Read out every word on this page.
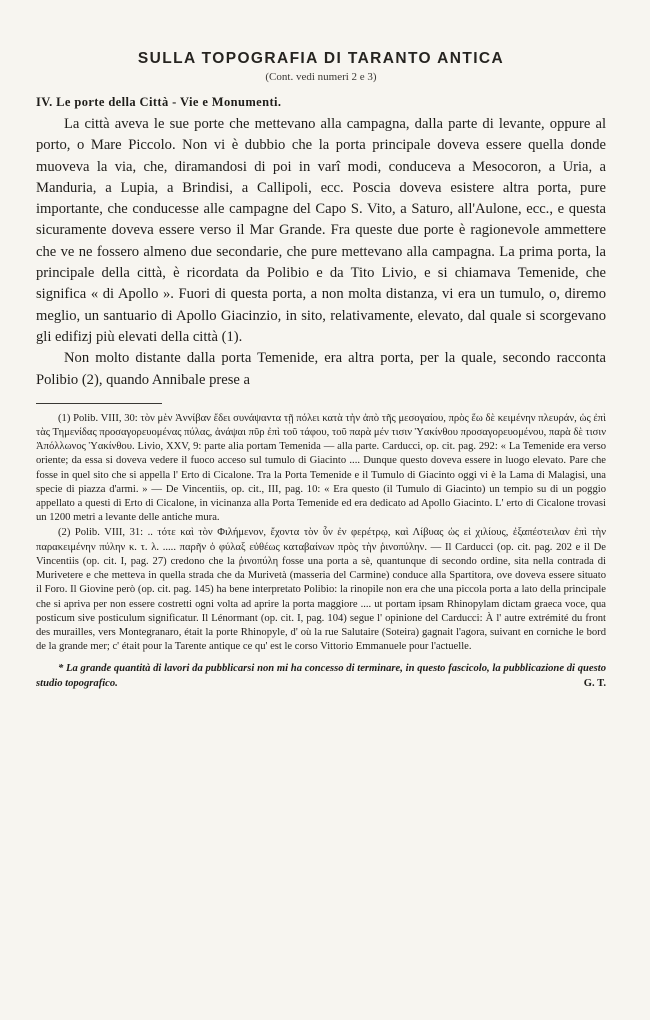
SULLA TOPOGRAFIA DI TARANTO ANTICA
(Cont. vedi numeri 2 e 3)
IV. Le porte della Città - Vie e Monumenti.

La città aveva le sue porte che mettevano alla campagna, dalla parte di levante, oppure al porto, o Mare Piccolo. Non vi è dubbio che la porta principale doveva essere quella donde muoveva la via, che, diramandosi di poi in varî modi, conduceva a Mesocoron, a Uria, a Manduria, a Lupia, a Brindisi, a Callipoli, ecc. Poscia doveva esistere altra porta, pure importante, che conducesse alle campagne del Capo S. Vito, a Saturo, all'Aulone, ecc., e questa sicuramente doveva essere verso il Mar Grande. Fra queste due porte è ragionevole ammettere che ve ne fossero almeno due secondarie, che pure mettevano alla campagna. La prima porta, la principale della città, è ricordata da Polibio e da Tito Livio, e si chiamava Temenide, che significa « di Apollo ». Fuori di questa porta, a non molta distanza, vi era un tumulo, o, diremo meglio, un santuario di Apollo Giacinzio, in sito, relativamente, elevato, dal quale si scorgevano gli edifizj più elevati della città (1).

Non molto distante dalla porta Temenide, era altra porta, per la quale, secondo racconta Polibio (2), quando Annibale prese a

(1) Polib. VIII, 30: τὸν μὲν Ἀννίβαν ἔδει συνάψαντα τῇ πόλει κατὰ τὴν ἀπὸ τῆς μεσογαίου, πρὸς ἕω δὲ κειμένην πλευράν, ὡς ἐπὶ τὰς Τημενίδας προσαγορευομένας πύλας, ἀνάψαι πῦρ ἐπὶ τοῦ τάφου, τοῦ παρὰ μέν τισιν Ὑακίνθου προσαγορευομένου, παρὰ δὲ τισιν Ἀπόλλωνος Ὑακίνθου. Livio, XXV, 9: parte alia portam Temenida — alla parte. Carducci, op. cit. pag. 292: « La Temenide era verso oriente; da essa si doveva vedere il fuoco acceso sul tumulo di Giacinto .... Dunque questo doveva essere in luogo elevato. Pare che fosse in quel sito che si appella l' Erto di Cicalone. Tra la Porta Temenide e il Tumulo di Giacinto oggi vi è la Lama di Malagisi, una specie di piazza d'armi. » — De Vincentiis, op. cit., III, pag. 10: « Era questo (il Tumulo di Giacinto) un tempio su di un poggio appellato a questi dì Erto di Cicalone, in vicinanza alla Porta Temenide ed era dedicato ad Apollo Giacinto. L' erto di Cicalone trovasi un 1200 metri a levante delle antiche mura.

(2) Polib. VIII, 31: .. τότε καὶ τὸν Φιλήμενον, ἔχοντα τὸν ὗν ἐν φερέτρῳ, καὶ Λίβυας ὡς εἰ χιλίους, ἐξαπέστειλαν ἐπὶ τὴν παρακειμένην πύλην κ. τ. λ. ..... παρῆν ὁ φύλαξ εὐθέως καταβαίνων πρὸς τὴν ῥινοπύλην. — Il Carducci (op. cit. pag. 202 e il De Vincentiis (op. cit. I, pag. 27) credono che la ῥινοπύλη fosse una porta a sè, quantunque di secondo ordine, sita nella contrada di Murivetere e che metteva in quella strada che da Murivetà (masseria del Carmine) conduce alla Spartitora, ove doveva essere situato il Foro. Il Giovine però (op. cit. pag. 145) ha bene interpretato Polibio: la rinopile non era che una piccola porta a lato della principale che si apriva per non essere costretti ogni volta ad aprire la porta maggiore .... ut portam ipsam Rhinopylam dictam graeca voce, qua posticum sive posticulum significatur. Il Lénormant (op. cit. I, pag. 104) segue l' opinione del Carducci: À l' autre extrémité du front des murailles, vers Montegranaro, était la porte Rhinopyle, d' où la rue Salutaire (Soteira) gagnait l'agora, suivant en corniche le bord de la grande mer; c' était pour la Tarente antique ce qu' est le corso Vittorio Emmanuele pour l'actuelle.

* La grande quantità di lavori da pubblicarsi non mi ha concesso di terminare, in questo fascicolo, la pubblicazione di questo studio topografico.	G. T.
